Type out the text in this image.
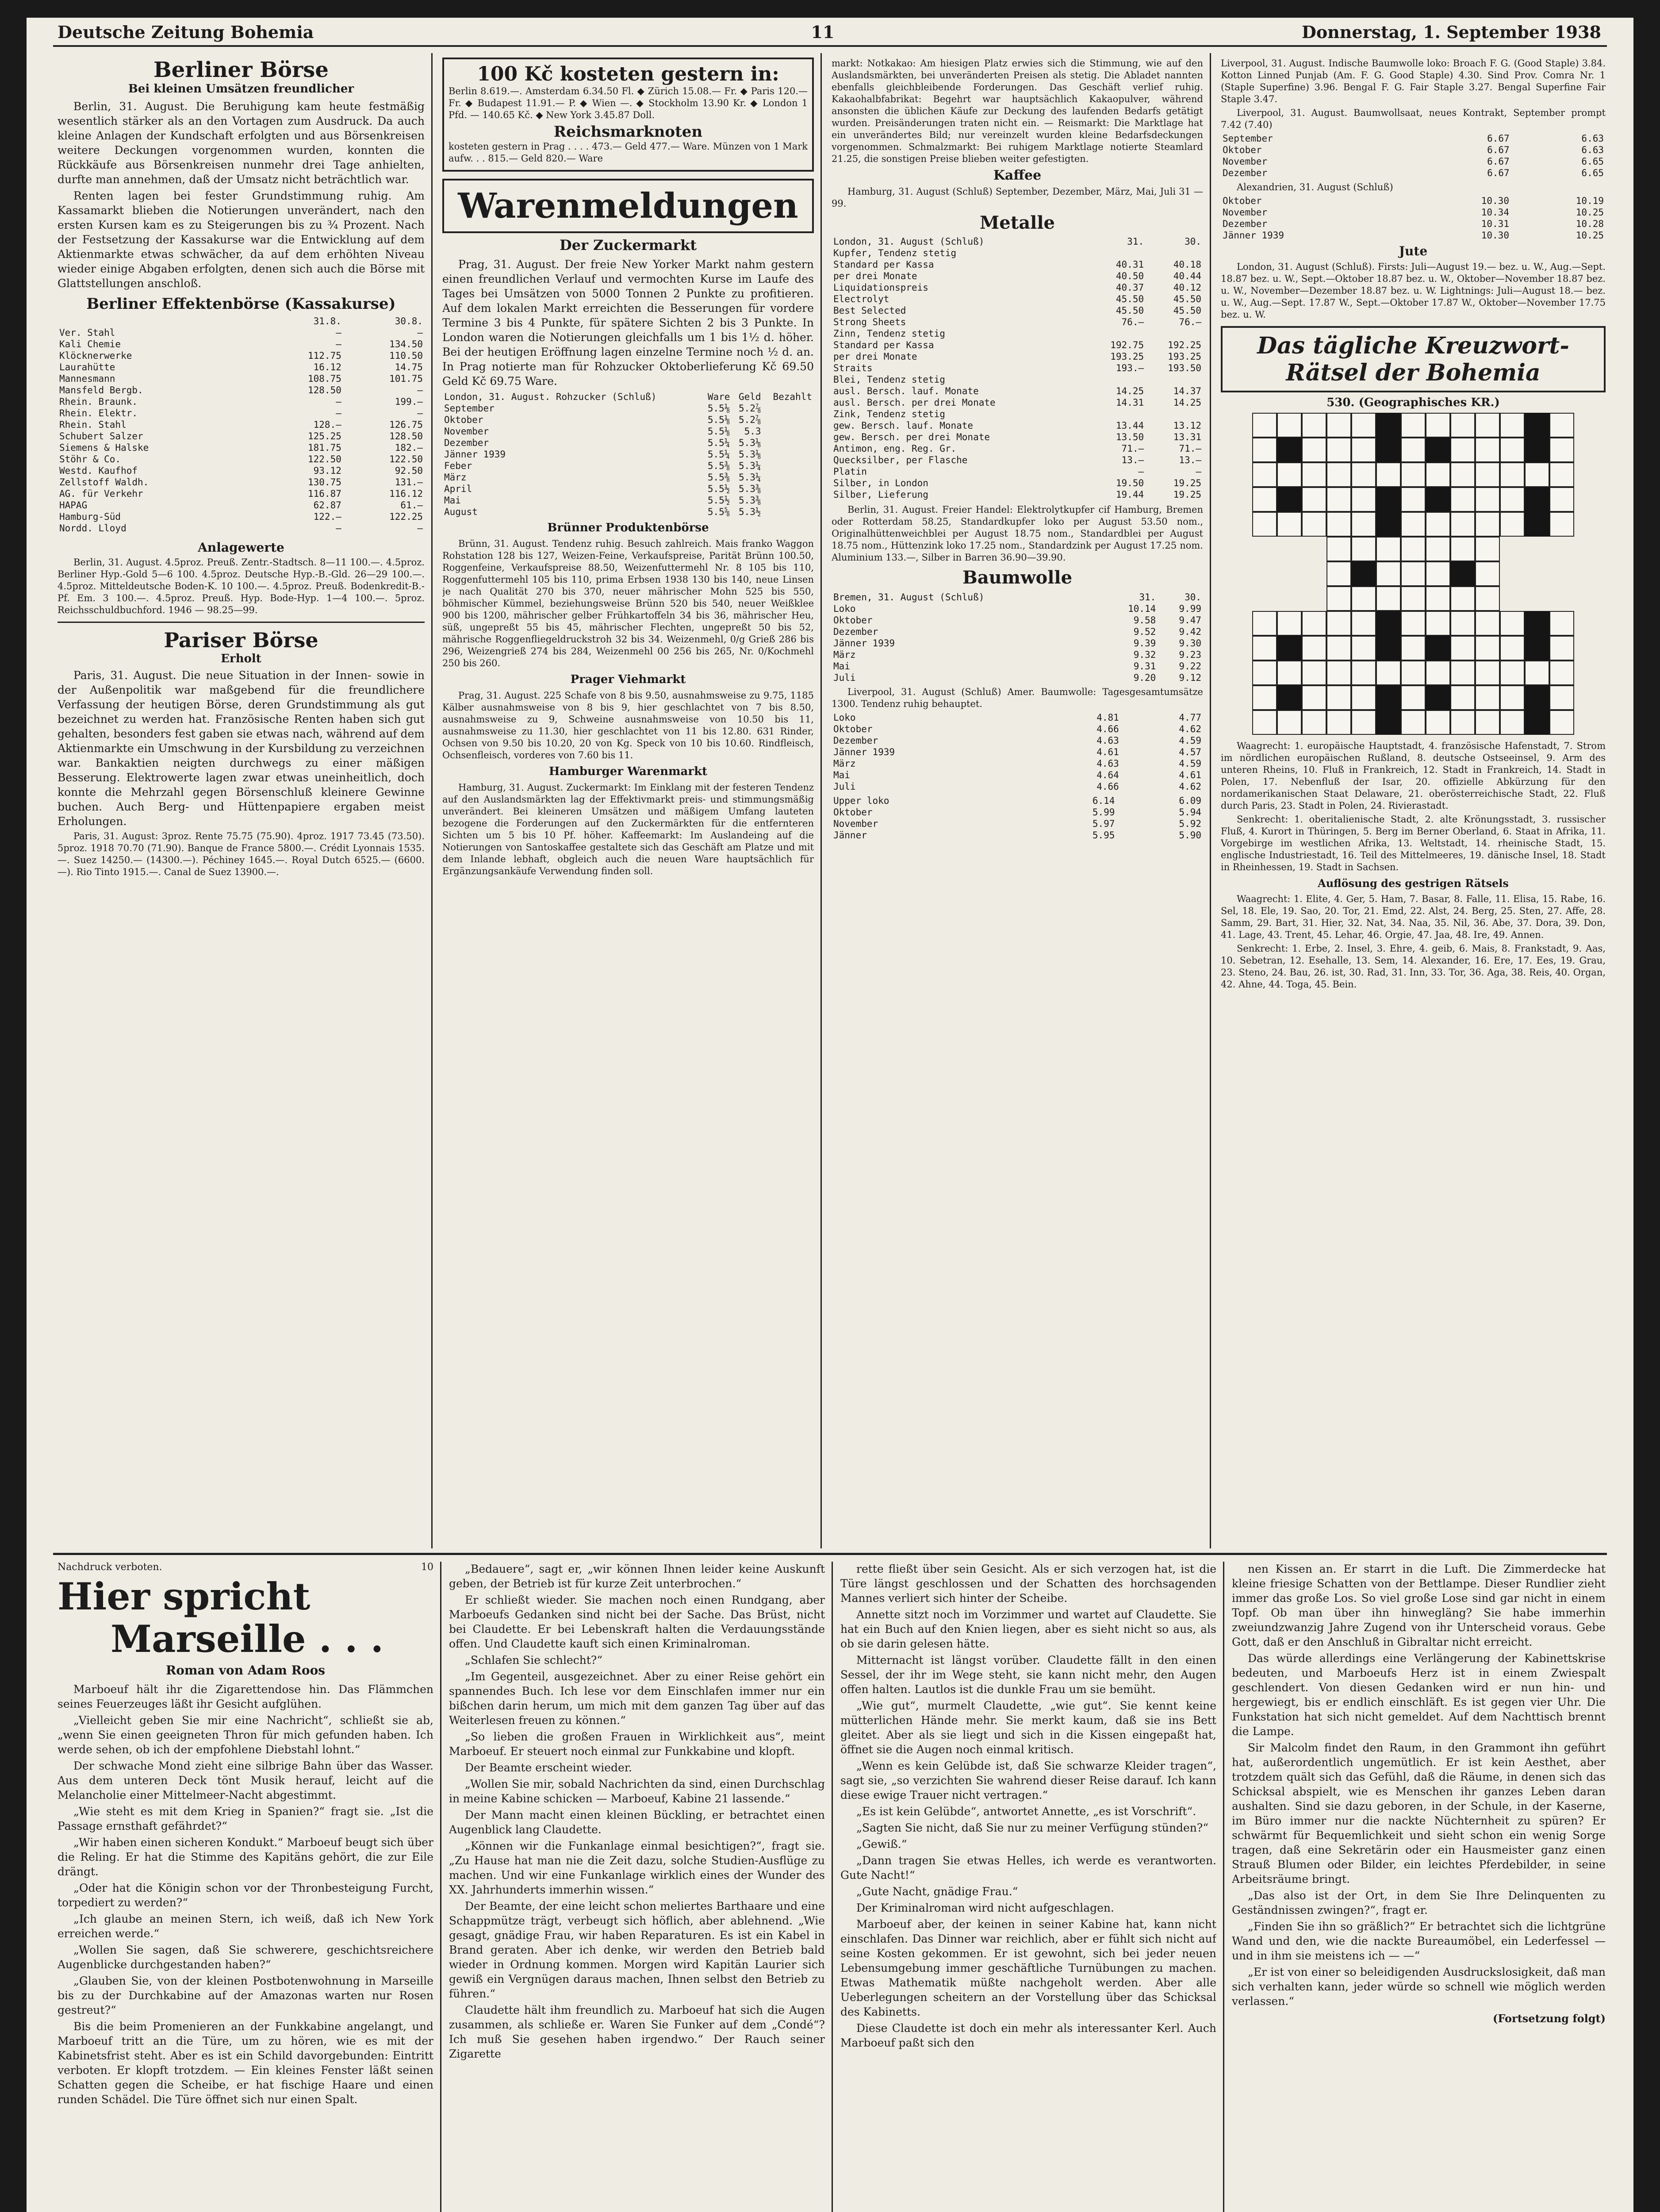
Deutsche Zeitung Bohemia	11	Donnerstag, 1. September 1938
Berliner Börse
Bei kleinen Umsätzen freundlicher

Berlin, 31. August. Die Beruhigung kam heute festmäßig wesentlich stärker als an den Vortagen zum Ausdruck. Da auch kleine Anlagen der Kundschaft erfolgten und aus Börsenkreisen weitere Deckungen vorgenommen wurden, konnten die Rückkäufe aus Börsenkreisen nunmehr drei Tage anhielten, durfte man annehmen, daß der Umsatz nicht beträchtlich war.

Renten lagen bei fester Grundstimmung ruhig. Am Kassamarkt blieben die Notierungen unverändert, nach den ersten Kursen kam es zu Steigerungen bis zu ¾ Prozent. Nach der Festsetzung der Kassakurse war die Entwicklung auf dem Aktienmarkte etwas schwächer, da auf dem erhöhten Niveau wieder einige Abgaben erfolgten, denen sich auch die Börse mit Glattstellungen anschloß.

Berliner Effektenbörse (Kassakurse)
	31.8.	30.8.
Ver. Stahl	—	—
Kali Chemie	—	134.50
Klöcknerwerke	112.75	110.50
Laurahütte	16.12	14.75
Mannesmann	108.75	101.75
Mansfeld Bergb.	128.50	—
Rhein. Braunk.	—	199.—
Rhein. Elektr.	—	—
Rhein. Stahl	128.—	126.75
Schubert Salzer	125.25	128.50
Siemens & Halske	181.75	182.—
Stöhr & Co.	122.50	122.50
Westd. Kaufhof	93.12	92.50
Zellstoff Waldh.	130.75	131.—
AG. für Verkehr	116.87	116.12
HAPAG	62.87	61.—
Hamburg-Süd	122.—	122.25
Nordd. Lloyd	—	—
Anlagewerte

Berlin, 31. August. 4.5proz. Preuß. Zentr.-Stadtsch. 8—11 100.—. 4.5proz. Berliner Hyp.-Gold 5—6 100. 4.5proz. Deutsche Hyp.-B.-Gld. 26—29 100.—. 4.5proz. Mitteldeutsche Boden-K. 10 100.—. 4.5proz. Preuß. Bodenkredit-B.-Pf. Em. 3 100.—. 4.5proz. Preuß. Hyp. Bode-Hyp. 1—4 100.—. 5proz. Reichsschuldbuchford. 1946 — 98.25—99.

Pariser Börse
Erholt

Paris, 31. August. Die neue Situation in der Innen- sowie in der Außenpolitik war maßgebend für die freundlichere Verfassung der heutigen Börse, deren Grundstimmung als gut bezeichnet zu werden hat. Französische Renten haben sich gut gehalten, besonders fest gaben sie etwas nach, während auf dem Aktienmarkte ein Umschwung in der Kursbildung zu verzeichnen war. Bankaktien neigten durchwegs zu einer mäßigen Besserung. Elektrowerte lagen zwar etwas uneinheitlich, doch konnte die Mehrzahl gegen Börsenschluß kleinere Gewinne buchen. Auch Berg- und Hüttenpapiere ergaben meist Erholungen.

Paris, 31. August: 3proz. Rente 75.75 (75.90). 4proz. 1917 73.45 (73.50). 5proz. 1918 70.70 (71.90). Banque de France 5800.—. Crédit Lyonnais 1535.—. Suez 14250.— (14300.—). Péchiney 1645.—. Royal Dutch 6525.— (6600.—). Rio Tinto 1915.—. Canal de Suez 13900.—.

100 Kč kosteten gestern in:

Berlin 8.619.—. Amsterdam 6.34.50 Fl. ◆ Zürich 15.08.— Fr. ◆ Paris 120.— Fr. ◆ Budapest 11.91.— P. ◆ Wien —. ◆ Stockholm 13.90 Kr. ◆ London 1 Pfd. — 140.65 Kč. ◆ New York 3.45.87 Doll.

Reichsmarknoten

kosteten gestern in Prag . . . . 473.— Geld 477.— Ware. Münzen von 1 Mark aufw. . . 815.— Geld 820.— Ware

Warenmeldungen
Der Zuckermarkt

Prag, 31. August. Der freie New Yorker Markt nahm gestern einen freundlichen Verlauf und vermochten Kurse im Laufe des Tages bei Umsätzen von 5000 Tonnen 2 Punkte zu profitieren. Auf dem lokalen Markt erreichten die Besserungen für vordere Termine 3 bis 4 Punkte, für spätere Sichten 2 bis 3 Punkte. In London waren die Notierungen gleichfalls um 1 bis 1½ d. höher. Bei der heutigen Eröffnung lagen einzelne Termine noch ½ d. an. In Prag notierte man für Rohzucker Oktoberlieferung Kč 69.50 Geld Kč 69.75 Ware.

London, 31. August. Rohzucker (Schluß)	Ware	Geld	Bezahlt
September	5.5⅛	5.2⅞	
Oktober	5.5⅛	5.2⅞	
November	5.5⅛	5.3	
Dezember	5.5¼	5.3⅛	
Jänner 1939	5.5¼	5.3⅛	
Feber	5.5⅜	5.3¼	
März	5.5⅜	5.3¼	
April	5.5½	5.3⅜	
Mai	5.5½	5.3⅜	
August	5.5⅝	5.3½	
Brünner Produktenbörse

Brünn, 31. August. Tendenz ruhig. Besuch zahlreich. Mais franko Waggon Rohstation 128 bis 127, Weizen-Feine, Verkaufspreise, Parität Brünn 100.50, Roggenfeine, Verkaufspreise 88.50, Weizenfuttermehl Nr. 8 105 bis 110, Roggenfuttermehl 105 bis 110, prima Erbsen 1938 130 bis 140, neue Linsen je nach Qualität 270 bis 370, neuer mährischer Mohn 525 bis 550, böhmischer Kümmel, beziehungsweise Brünn 520 bis 540, neuer Weißklee 900 bis 1200, mährischer gelber Frühkartoffeln 34 bis 36, mährischer Heu, süß, ungepreßt 55 bis 45, mährischer Flechten, ungepreßt 50 bis 52, mährische Roggenfliegeldruckstroh 32 bis 34. Weizenmehl, 0/g Grieß 286 bis 296, Weizengrieß 274 bis 284, Weizenmehl 00 256 bis 265, Nr. 0/Kochmehl 250 bis 260.

Prager Viehmarkt

Prag, 31. August. 225 Schafe von 8 bis 9.50, ausnahmsweise zu 9.75, 1185 Kälber ausnahmsweise von 8 bis 9, hier geschlachtet von 7 bis 8.50, ausnahmsweise zu 9, Schweine ausnahmsweise von 10.50 bis 11, ausnahmsweise zu 11.30, hier geschlachtet von 11 bis 12.80. 631 Rinder, Ochsen von 9.50 bis 10.20, 20 von Kg. Speck von 10 bis 10.60. Rindfleisch, Ochsenfleisch, vorderes von 7.60 bis 11.

Hamburger Warenmarkt

Hamburg, 31. August. Zuckermarkt: Im Einklang mit der festeren Tendenz auf den Auslandsmärkten lag der Effektivmarkt preis- und stimmungsmäßig unverändert. Bei kleineren Umsätzen und mäßigem Umfang lauteten bezogene die Forderungen auf den Zuckermärkten für die entfernteren Sichten um 5 bis 10 Pf. höher. Kaffeemarkt: Im Auslandeing auf die Notierungen von Santoskaffee gestaltete sich das Geschäft am Platze und mit dem Inlande lebhaft, obgleich auch die neuen Ware hauptsächlich für Ergänzungsankäufe Verwendung finden soll.

markt: Notkakao: Am hiesigen Platz erwies sich die Stimmung, wie auf den Auslandsmärkten, bei unveränderten Preisen als stetig. Die Abladet nannten ebenfalls gleichbleibende Forderungen. Das Geschäft verlief ruhig. Kakaohalbfabrikat: Begehrt war hauptsächlich Kakaopulver, während ansonsten die üblichen Käufe zur Deckung des laufenden Bedarfs getätigt wurden. Preisänderungen traten nicht ein. — Reismarkt: Die Marktlage hat ein unverändertes Bild; nur vereinzelt wurden kleine Bedarfsdeckungen vorgenommen. Schmalzmarkt: Bei ruhigem Marktlage notierte Steamlard 21.25, die sonstigen Preise blieben weiter gefestigten.

Kaffee

Hamburg, 31. August (Schluß) September, Dezember, März, Mai, Juli 31 — 99.

Metalle
London, 31. August (Schluß)	31.	30.
Kupfer, Tendenz stetig		
Standard per Kassa	40.31	40.18
per drei Monate	40.50	40.44
Liquidationspreis	40.37	40.12
Electrolyt	45.50	45.50
Best Selected	45.50	45.50
Strong Sheets	76.—	76.—
Zinn, Tendenz stetig		
Standard per Kassa	192.75	192.25
per drei Monate	193.25	193.25
Straits	193.—	193.50
Blei, Tendenz stetig		
ausl. Bersch. lauf. Monate	14.25	14.37
ausl. Bersch. per drei Monate	14.31	14.25
Zink, Tendenz stetig		
gew. Bersch. lauf. Monate	13.44	13.12
gew. Bersch. per drei Monate	13.50	13.31
Antimon, eng. Reg. Gr.	71.—	71.—
Quecksilber, per Flasche	13.—	13.—
Platin	—	—
Silber, in London	19.50	19.25
Silber, Lieferung	19.44	19.25

Berlin, 31. August. Freier Handel: Elektrolytkupfer cif Hamburg, Bremen oder Rotterdam 58.25, Standardkupfer loko per August 53.50 nom., Originalhüttenweichblei per August 18.75 nom., Standardblei per August 18.75 nom., Hüttenzink loko 17.25 nom., Standardzink per August 17.25 nom. Aluminium 133.—, Silber in Barren 36.90—39.90.

Baumwolle
Bremen, 31. August (Schluß)	31.	30.
Loko	10.14	9.99
Oktober	9.58	9.47
Dezember	9.52	9.42
Jänner 1939	9.39	9.30
März	9.32	9.23
Mai	9.31	9.22
Juli	9.20	9.12

Liverpool, 31. August (Schluß) Amer. Baumwolle: Tagesgesamtumsätze 1300. Tendenz ruhig behauptet.

Loko	4.81	4.77
Oktober	4.66	4.62
Dezember	4.63	4.59
Jänner 1939	4.61	4.57
März	4.63	4.59
Mai	4.64	4.61
Juli	4.66	4.62
Upper loko	6.14	6.09
Oktober	5.99	5.94
November	5.97	5.92
Jänner	5.95	5.90

Liverpool, 31. August. Indische Baumwolle loko: Broach F. G. (Good Staple) 3.84. Kotton Linned Punjab (Am. F. G. Good Staple) 4.30. Sind Prov. Comra Nr. 1 (Staple Superfine) 3.96. Bengal F. G. Fair Staple 3.27. Bengal Superfine Fair Staple 3.47.

Liverpool, 31. August. Baumwollsaat, neues Kontrakt, September prompt 7.42 (7.40)

September	6.67	6.63
Oktober	6.67	6.63
November	6.67	6.65
Dezember	6.67	6.65

Alexandrien, 31. August (Schluß)

Oktober	10.30	10.19
November	10.34	10.25
Dezember	10.31	10.28
Jänner 1939	10.30	10.25
Jute

London, 31. August (Schluß). Firsts: Juli—August 19.— bez. u. W., Aug.—Sept. 18.87 bez. u. W., Sept.—Oktober 18.87 bez. u. W., Oktober—November 18.87 bez. u. W., November—Dezember 18.87 bez. u. W. Lightnings: Juli—August 18.— bez. u. W., Aug.—Sept. 17.87 W., Sept.—Oktober 17.87 W., Oktober—November 17.75 bez. u. W.

Das tägliche Kreuzwort-
Rätsel der Bohemia
530. (Geographisches KR.)

Waagrecht: 1. europäische Hauptstadt, 4. französische Hafenstadt, 7. Strom im nördlichen europäischen Rußland, 8. deutsche Ostseeinsel, 9. Arm des unteren Rheins, 10. Fluß in Frankreich, 12. Stadt in Frankreich, 14. Stadt in Polen, 17. Nebenfluß der Isar, 20. offizielle Abkürzung für den nordamerikanischen Staat Delaware, 21. oberösterreichische Stadt, 22. Fluß durch Paris, 23. Stadt in Polen, 24. Rivierastadt.

Senkrecht: 1. oberitalienische Stadt, 2. alte Krönungsstadt, 3. russischer Fluß, 4. Kurort in Thüringen, 5. Berg im Berner Oberland, 6. Staat in Afrika, 11. Vorgebirge im westlichen Afrika, 13. Weltstadt, 14. rheinische Stadt, 15. englische Industriestadt, 16. Teil des Mittelmeeres, 19. dänische Insel, 18. Stadt in Rheinhessen, 19. Stadt in Sachsen.

Auflösung des gestrigen Rätsels

Waagrecht: 1. Elite, 4. Ger, 5. Ham, 7. Basar, 8. Falle, 11. Elisa, 15. Rabe, 16. Sel, 18. Ele, 19. Sao, 20. Tor, 21. Emd, 22. Alst, 24. Berg, 25. Sten, 27. Affe, 28. Samm, 29. Bart, 31. Hier, 32. Nat, 34. Naa, 35. Nil, 36. Abe, 37. Dora, 39. Don, 41. Lage, 43. Trent, 45. Lehar, 46. Orgie, 47. Jaa, 48. Ire, 49. Annen.

Senkrecht: 1. Erbe, 2. Insel, 3. Ehre, 4. geib, 6. Mais, 8. Frankstadt, 9. Aas, 10. Sebetran, 12. Esehalle, 13. Sem, 14. Alexander, 16. Ere, 17. Ees, 19. Grau, 23. Steno, 24. Bau, 26. ist, 30. Rad, 31. Inn, 33. Tor, 36. Aga, 38. Reis, 40. Organ, 42. Ahne, 44. Toga, 45. Bein.

Nachdruck verboten.	10
Hier spricht
Marseille . . .
Roman von Adam Roos

Marboeuf hält ihr die Zigarettendose hin. Das Flämmchen seines Feuerzeuges läßt ihr Gesicht aufglühen.

„Vielleicht geben Sie mir eine Nachricht“, schließt sie ab, „wenn Sie einen geeigneten Thron für mich gefunden haben. Ich werde sehen, ob ich der empfohlene Diebstahl lohnt.“

Der schwache Mond zieht eine silbrige Bahn über das Wasser. Aus dem unteren Deck tönt Musik herauf, leicht auf die Melancholie einer Mittelmeer-Nacht abgestimmt.

„Wie steht es mit dem Krieg in Spanien?“ fragt sie. „Ist die Passage ernsthaft gefährdet?“

„Wir haben einen sicheren Kondukt.“ Marboeuf beugt sich über die Reling. Er hat die Stimme des Kapitäns gehört, die zur Eile drängt.

„Oder hat die Königin schon vor der Thronbesteigung Furcht, torpediert zu werden?“

„Ich glaube an meinen Stern, ich weiß, daß ich New York erreichen werde.“

„Wollen Sie sagen, daß Sie schwerere, geschichtsreichere Augenblicke durchgestanden haben?“

„Glauben Sie, von der kleinen Postbotenwohnung in Marseille bis zu der Durchkabine auf der Amazonas warten nur Rosen gestreut?“

Bis die beim Promenieren an der Funkkabine angelangt, und Marboeuf tritt an die Türe, um zu hören, wie es mit der Kabinetsfrist steht. Aber es ist ein Schild davorgebunden: Eintritt verboten. Er klopft trotzdem. — Ein kleines Fenster läßt seinen Schatten gegen die Scheibe, er hat fischige Haare und einen runden Schädel. Die Türe öffnet sich nur einen Spalt.

„Bedauere“, sagt er, „wir können Ihnen leider keine Auskunft geben, der Betrieb ist für kurze Zeit unterbrochen.“

Er schließt wieder. Sie machen noch einen Rundgang, aber Marboeufs Gedanken sind nicht bei der Sache. Das Brüst, nicht bei Claudette. Er bei Lebenskraft halten die Verdauungsstände offen. Und Claudette kauft sich einen Kriminalroman.

„Schlafen Sie schlecht?“

„Im Gegenteil, ausgezeichnet. Aber zu einer Reise gehört ein spannendes Buch. Ich lese vor dem Einschlafen immer nur ein bißchen darin herum, um mich mit dem ganzen Tag über auf das Weiterlesen freuen zu können.“

„So lieben die großen Frauen in Wirklichkeit aus“, meint Marboeuf. Er steuert noch einmal zur Funkkabine und klopft.

Der Beamte erscheint wieder.

„Wollen Sie mir, sobald Nachrichten da sind, einen Durchschlag in meine Kabine schicken — Marboeuf, Kabine 21 lassende.“

Der Mann macht einen kleinen Bückling, er betrachtet einen Augenblick lang Claudette.

„Können wir die Funkanlage einmal besichtigen?“, fragt sie. „Zu Hause hat man nie die Zeit dazu, solche Studien-Ausflüge zu machen. Und wir eine Funkanlage wirklich eines der Wunder des XX. Jahrhunderts immerhin wissen.“

Der Beamte, der eine leicht schon meliertes Barthaare und eine Schappmütze trägt, verbeugt sich höflich, aber ablehnend. „Wie gesagt, gnädige Frau, wir haben Reparaturen. Es ist ein Kabel in Brand geraten. Aber ich denke, wir werden den Betrieb bald wieder in Ordnung kommen. Morgen wird Kapitän Laurier sich gewiß ein Vergnügen daraus machen, Ihnen selbst den Betrieb zu führen.“

Claudette hält ihm freundlich zu. Marboeuf hat sich die Augen zusammen, als schließe er. Waren Sie Funker auf dem „Condé“? Ich muß Sie gesehen haben irgendwo.“ Der Rauch seiner Zigarette

rette fließt über sein Gesicht. Als er sich verzogen hat, ist die Türe längst geschlossen und der Schatten des horchsagenden Mannes verliert sich hinter der Scheibe.

Annette sitzt noch im Vorzimmer und wartet auf Claudette. Sie hat ein Buch auf den Knien liegen, aber es sieht nicht so aus, als ob sie darin gelesen hätte.

Mitternacht ist längst vorüber. Claudette fällt in den einen Sessel, der ihr im Wege steht, sie kann nicht mehr, den Augen offen halten. Lautlos ist die dunkle Frau um sie bemüht.

„Wie gut“, murmelt Claudette, „wie gut“. Sie kennt keine mütterlichen Hände mehr. Sie merkt kaum, daß sie ins Bett gleitet. Aber als sie liegt und sich in die Kissen eingepaßt hat, öffnet sie die Augen noch einmal kritisch.

„Wenn es kein Gelübde ist, daß Sie schwarze Kleider tragen“, sagt sie, „so verzichten Sie wahrend dieser Reise darauf. Ich kann diese ewige Trauer nicht vertragen.“

„Es ist kein Gelübde“, antwortet Annette, „es ist Vorschrift“.

„Sagten Sie nicht, daß Sie nur zu meiner Verfügung stünden?“

„Gewiß.“

„Dann tragen Sie etwas Helles, ich werde es verantworten. Gute Nacht!“

„Gute Nacht, gnädige Frau.“

Der Kriminalroman wird nicht aufgeschlagen.

Marboeuf aber, der keinen in seiner Kabine hat, kann nicht einschlafen. Das Dinner war reichlich, aber er fühlt sich nicht auf seine Kosten gekommen. Er ist gewohnt, sich bei jeder neuen Lebensumgebung immer geschäftliche Turnübungen zu machen. Etwas Mathematik müßte nachgeholt werden. Aber alle Ueberlegungen scheitern an der Vorstellung über das Schicksal des Kabinetts.

Diese Claudette ist doch ein mehr als interessanter Kerl. Auch Marboeuf paßt sich den

nen Kissen an. Er starrt in die Luft. Die Zimmerdecke hat kleine friesige Schatten von der Bettlampe. Dieser Rundlier zieht immer das große Los. So viel große Lose sind gar nicht in einem Topf. Ob man über ihn hinwegläng? Sie habe immerhin zweiundzwanzig Jahre Zugend von ihr Unterscheid voraus. Gebe Gott, daß er den Anschluß in Gibraltar nicht erreicht.

Das würde allerdings eine Verlängerung der Kabinettskrise bedeuten, und Marboeufs Herz ist in einem Zwiespalt geschlendert. Von diesen Gedanken wird er nun hin- und hergewiegt, bis er endlich einschläft. Es ist gegen vier Uhr. Die Funkstation hat sich nicht gemeldet. Auf dem Nachttisch brennt die Lampe.

Sir Malcolm findet den Raum, in den Grammont ihn geführt hat, außerordentlich ungemütlich. Er ist kein Aesthet, aber trotzdem quält sich das Gefühl, daß die Räume, in denen sich das Schicksal abspielt, wie es Menschen ihr ganzes Leben daran aushalten. Sind sie dazu geboren, in der Schule, in der Kaserne, im Büro immer nur die nackte Nüchternheit zu spüren? Er schwärmt für Bequemlichkeit und sieht schon ein wenig Sorge tragen, daß eine Sekretärin oder ein Hausmeister ganz einen Strauß Blumen oder Bilder, ein leichtes Pferdebilder, in seine Arbeitsräume bringt.

„Das also ist der Ort, in dem Sie Ihre Delinquenten zu Geständnissen zwingen?“, fragt er.

„Finden Sie ihn so gräßlich?“ Er betrachtet sich die lichtgrüne Wand und den, wie die nackte Bureaumöbel, ein Lederfessel — und in ihm sie meistens ich — —“

„Er ist von einer so beleidigenden Ausdruckslosigkeit, daß man sich verhalten kann, jeder würde so schnell wie möglich werden verlassen.“

(Fortsetzung folgt)
